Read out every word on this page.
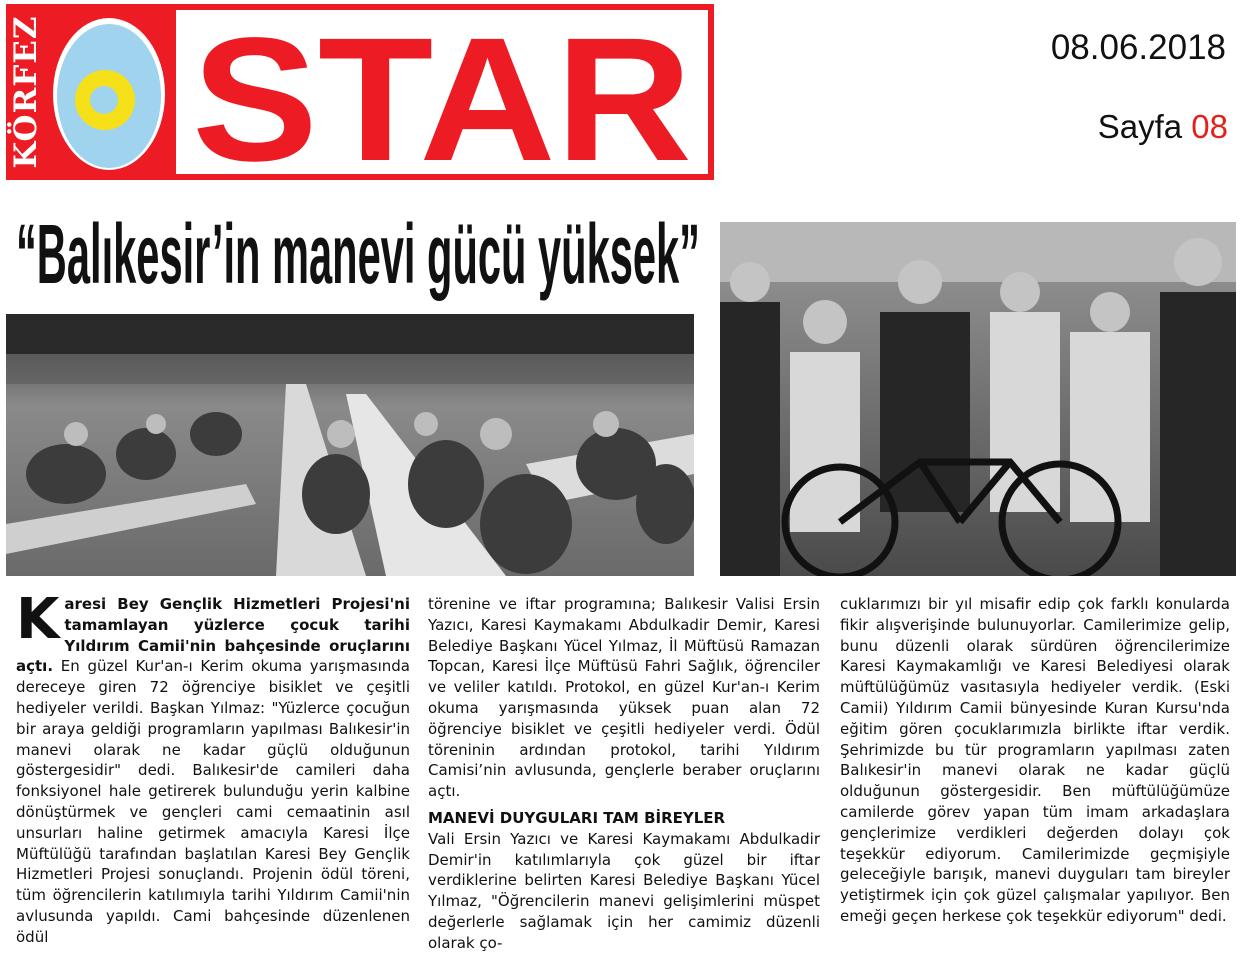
KÖRFEZ STAR	08.06.2018
Sayfa 08
“Balıkesir’in manevi gücü yüksek”

Karesi Bey Gençlik Hizmetleri Projesi'ni tamamlayan yüzlerce çocuk tarihi Yıldırım Camii'nin bahçesinde oruçlarını açtı. En güzel Kur'an-ı Kerim okuma yarışmasında dereceye giren 72 öğrenciye bisiklet ve çeşitli hediyeler verildi. Başkan Yılmaz: "Yüzlerce çocuğun bir araya geldiği programların yapılması Balıkesir'in manevi olarak ne kadar güçlü olduğunun göstergesidir" dedi. Balıkesir'de camileri daha fonksiyonel hale getirerek bulunduğu yerin kalbine dönüştürmek ve gençleri cami cemaatinin asıl unsurları haline getirmek amacıyla Karesi İlçe Müftülüğü tarafından başlatılan Karesi Bey Gençlik Hizmetleri Projesi sonuçlandı. Projenin ödül töreni, tüm öğrencilerin katılımıyla tarihi Yıldırım Camii'nin avlusunda yapıldı. Cami bahçesinde düzenlenen ödül

törenine ve iftar programına; Balıkesir Valisi Ersin Yazıcı, Karesi Kaymakamı Abdulkadir Demir, Karesi Belediye Başkanı Yücel Yılmaz, İl Müftüsü Ramazan Topcan, Karesi İlçe Müftüsü Fahri Sağlık, öğrenciler ve veliler katıldı. Protokol, en güzel Kur'an-ı Kerim okuma yarışmasında yüksek puan alan 72 öğrenciye bisiklet ve çeşitli hediyeler verdi. Ödül töreninin ardından protokol, tarihi Yıldırım Camisi’nin avlusunda, gençlerle beraber oruçlarını açtı.

MANEVİ DUYGULARI TAM BİREYLER

Vali Ersin Yazıcı ve Karesi Kaymakamı Abdulkadir Demir'in katılımlarıyla çok güzel bir iftar verdiklerine belirten Karesi Belediye Başkanı Yücel Yılmaz, "Öğrencilerin manevi gelişimlerini müspet değerlerle sağlamak için her camimiz düzenli olarak ço-

cuklarımızı bir yıl misafir edip çok farklı konularda fikir alışverişinde bulunuyorlar. Camilerimize gelip, bunu düzenli olarak sürdüren öğrencilerimize Karesi Kaymakamlığı ve Karesi Belediyesi olarak müftülüğümüz vasıtasıyla hediyeler verdik. (Eski Camii) Yıldırım Camii bünyesinde Kuran Kursu'nda eğitim gören çocuklarımızla birlikte iftar verdik. Şehrimizde bu tür programların yapılması zaten Balıkesir'in manevi olarak ne kadar güçlü olduğunun göstergesidir. Ben müftülüğümüze camilerde görev yapan tüm imam arkadaşlara gençlerimize verdikleri değerden dolayı çok teşekkür ediyorum. Camilerimizde geçmişiyle geleceğiyle barışık, manevi duyguları tam bireyler yetiştirmek için çok güzel çalışmalar yapılıyor. Ben emeği geçen herkese çok teşekkür ediyorum" dedi.
